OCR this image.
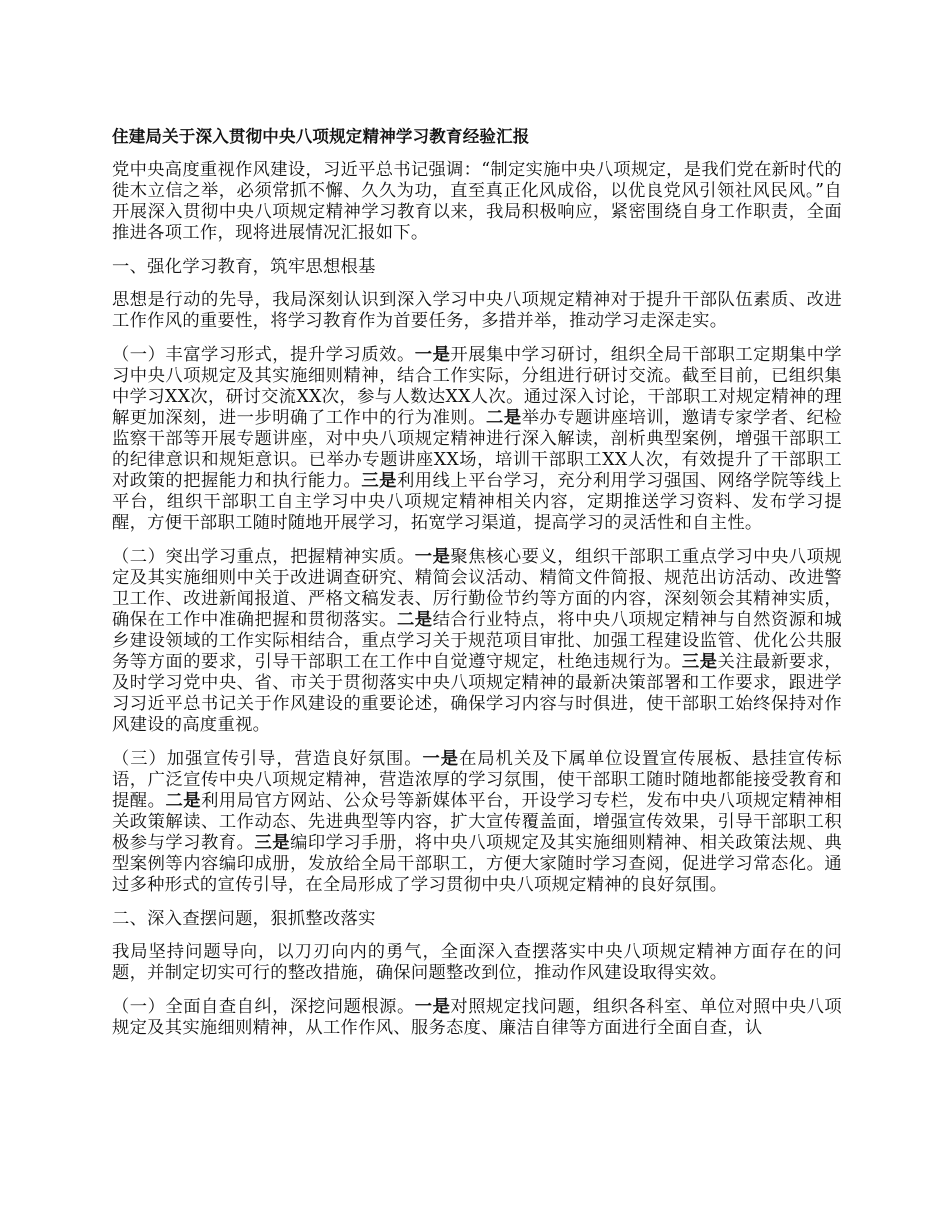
住建局关于深入贯彻中央八项规定精神学习教育经验汇报

党中央高度重视作风建设，习近平总书记强调：“制定实施中央八项规定，是我们党在新时代的徙木立信之举，必须常抓不懈、久久为功，直至真正化风成俗，以优良党风引领社风民风。”自开展深入贯彻中央八项规定精神学习教育以来，我局积极响应，紧密围绕自身工作职责，全面推进各项工作，现将进展情况汇报如下。

一、强化学习教育，筑牢思想根基

思想是行动的先导，我局深刻认识到深入学习中央八项规定精神对于提升干部队伍素质、改进工作作风的重要性，将学习教育作为首要任务，多措并举，推动学习走深走实。

（一）丰富学习形式，提升学习质效。一是开展集中学习研讨，组织全局干部职工定期集中学习中央八项规定及其实施细则精神，结合工作实际，分组进行研讨交流。截至目前，已组织集中学习XX次，研讨交流XX次，参与人数达XX人次。通过深入讨论，干部职工对规定精神的理解更加深刻，进一步明确了工作中的行为准则。二是举办专题讲座培训，邀请专家学者、纪检监察干部等开展专题讲座，对中央八项规定精神进行深入解读，剖析典型案例，增强干部职工的纪律意识和规矩意识。已举办专题讲座XX场，培训干部职工XX人次，有效提升了干部职工对政策的把握能力和执行能力。三是利用线上平台学习，充分利用学习强国、网络学院等线上平台，组织干部职工自主学习中央八项规定精神相关内容，定期推送学习资料、发布学习提醒，方便干部职工随时随地开展学习，拓宽学习渠道，提高学习的灵活性和自主性。

（二）突出学习重点，把握精神实质。一是聚焦核心要义，组织干部职工重点学习中央八项规定及其实施细则中关于改进调查研究、精简会议活动、精简文件简报、规范出访活动、改进警卫工作、改进新闻报道、严格文稿发表、厉行勤俭节约等方面的内容，深刻领会其精神实质，确保在工作中准确把握和贯彻落实。二是结合行业特点，将中央八项规定精神与自然资源和城乡建设领域的工作实际相结合，重点学习关于规范项目审批、加强工程建设监管、优化公共服务等方面的要求，引导干部职工在工作中自觉遵守规定，杜绝违规行为。三是关注最新要求，及时学习党中央、省、市关于贯彻落实中央八项规定精神的最新决策部署和工作要求，跟进学习习近平总书记关于作风建设的重要论述，确保学习内容与时俱进，使干部职工始终保持对作风建设的高度重视。

（三）加强宣传引导，营造良好氛围。一是在局机关及下属单位设置宣传展板、悬挂宣传标语，广泛宣传中央八项规定精神，营造浓厚的学习氛围，使干部职工随时随地都能接受教育和提醒。二是利用局官方网站、公众号等新媒体平台，开设学习专栏，发布中央八项规定精神相关政策解读、工作动态、先进典型等内容，扩大宣传覆盖面，增强宣传效果，引导干部职工积极参与学习教育。三是编印学习手册，将中央八项规定及其实施细则精神、相关政策法规、典型案例等内容编印成册，发放给全局干部职工，方便大家随时学习查阅，促进学习常态化。通过多种形式的宣传引导，在全局形成了学习贯彻中央八项规定精神的良好氛围。

二、深入查摆问题，狠抓整改落实

我局坚持问题导向，以刀刃向内的勇气，全面深入查摆落实中央八项规定精神方面存在的问题，并制定切实可行的整改措施，确保问题整改到位，推动作风建设取得实效。

（一）全面自查自纠，深挖问题根源。一是对照规定找问题，组织各科室、单位对照中央八项规定及其实施细则精神，从工作作风、服务态度、廉洁自律等方面进行全面自查，认
